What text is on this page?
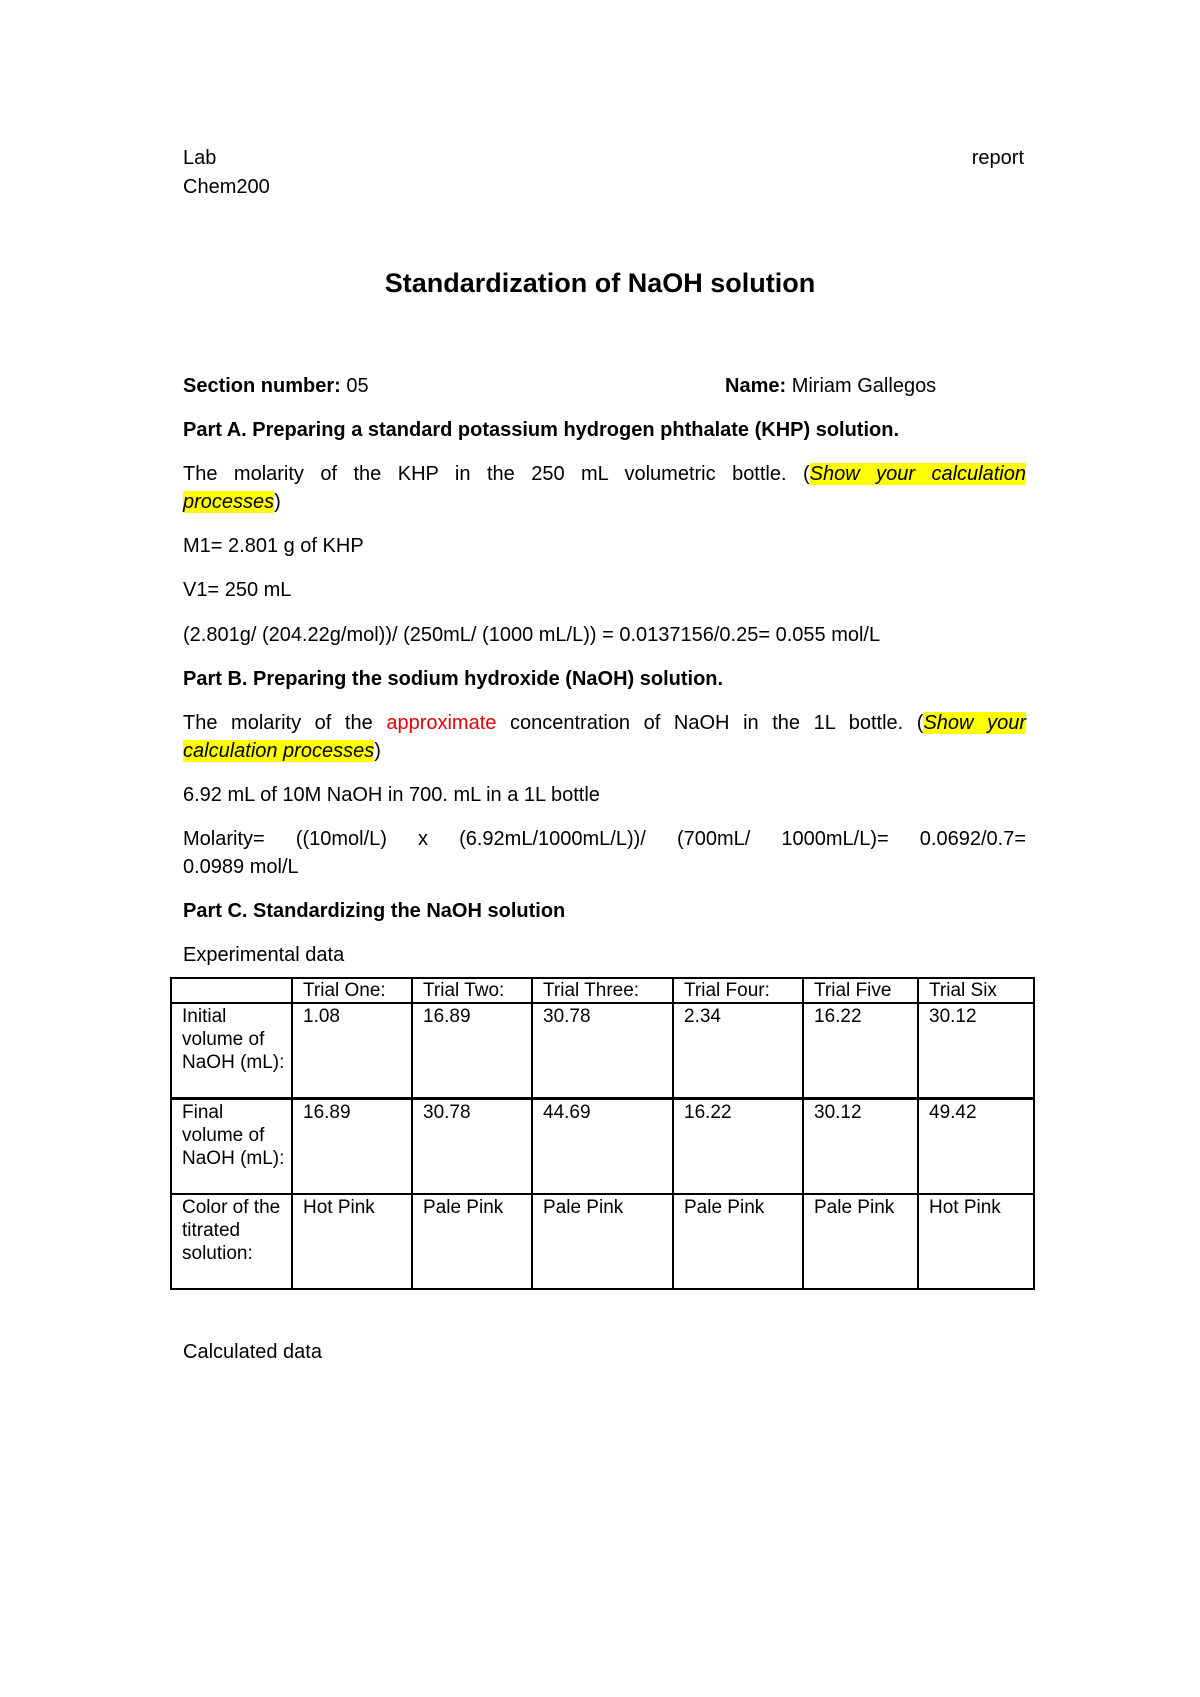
Lab	report
Chem200
Standardization of NaOH solution
Section number: 05	Name: Miriam Gallegos
Part A. Preparing a standard potassium hydrogen phthalate (KHP) solution.
The molarity of the KHP in the 250 mL volumetric bottle. (Show your calculation
processes)
M1= 2.801 g of KHP
V1= 250 mL
(2.801g/ (204.22g/mol))/ (250mL/ (1000 mL/L)) = 0.0137156/0.25= 0.055 mol/L
Part B. Preparing the sodium hydroxide (NaOH) solution.
The molarity of the approximate concentration of NaOH in the 1L bottle. (Show your
calculation processes)
6.92 mL of 10M NaOH in 700. mL in a 1L bottle
Molarity= ((10mol/L) x (6.92mL/1000mL/L))/ (700mL/ 1000mL/L)= 0.0692/0.7=
0.0989 mol/L
Part C. Standardizing the NaOH solution
Experimental data
	Trial One:	Trial Two:	Trial Three:	Trial Four:	Trial Five	Trial Six
Initial volume of NaOH (mL):	1.08	16.89	30.78	2.34	16.22	30.12
Final volume of NaOH (mL):	16.89	30.78	44.69	16.22	30.12	49.42
Color of the titrated solution:	Hot Pink	Pale Pink	Pale Pink	Pale Pink	Pale Pink	Hot Pink
Calculated data
